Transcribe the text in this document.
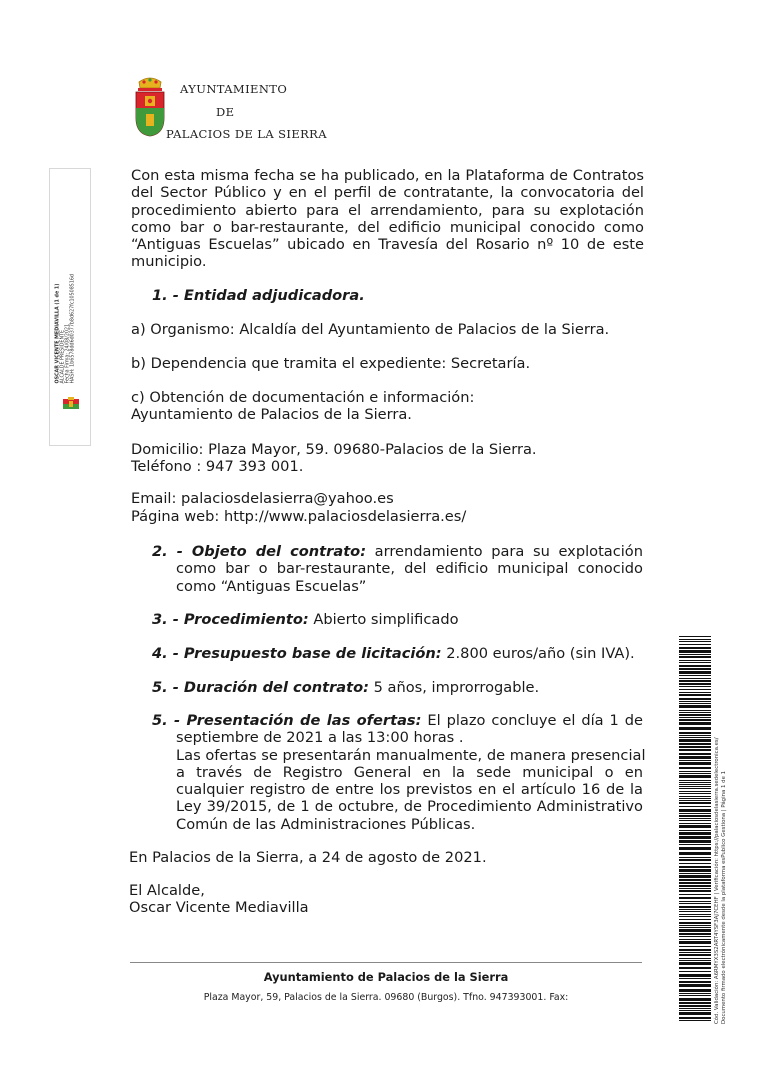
AYUNTAMIENTO
DE
PALACIOS DE LA SIERRA
OSCAR VICENTE MEDIAVILLA (1 de 1) ALCALDE PRESIDENTE Fecha Firma: 24/08/2021 HASH: 1b6578dd6d0377b8d627fc10508516d
Cód. Validación: A6RMYX3S2ART4YSF3AJ7CEHF | Verificación: https://palaciosdelasierra.sedelectronica.es/ Documento firmado electrónicamente desde la plataforma esPublico Gestiona | Página 1 de 1
Con esta misma fecha se ha publicado, en la Plataforma de Contratos
del Sector Público y en el perfil de contratante, la convocatoria del
procedimiento abierto para el arrendamiento, para su explotación
como bar o bar-restaurante, del edificio municipal conocido como
“Antiguas Escuelas” ubicado en Travesía del Rosario nº 10 de este
municipio.
1. - Entidad adjudicadora.
a) Organismo: Alcaldía del Ayuntamiento de Palacios de la Sierra.
b) Dependencia que tramita el expediente: Secretaría.
c) Obtención de documentación e información:
Ayuntamiento de Palacios de la Sierra.
Domicilio: Plaza Mayor, 59. 09680-Palacios de la Sierra.
Teléfono : 947 393 001.
Email: palaciosdelasierra@yahoo.es
Página web: http://www.palaciosdelasierra.es/
2. - Objeto del contrato: arrendamiento para su explotación
como bar o bar-restaurante, del edificio municipal conocido
como “Antiguas Escuelas”
3. - Procedimiento: Abierto simplificado
4. - Presupuesto base de licitación: 2.800 euros/año (sin IVA).
5. - Duración del contrato: 5 años, improrrogable.
5. - Presentación de las ofertas: El plazo concluye el día 1 de
septiembre de 2021 a las 13:00 horas .
Las ofertas se presentarán manualmente, de manera presencial
a través de Registro General en la sede municipal o en
cualquier registro de entre los previstos en el artículo 16 de la
Ley 39/2015, de 1 de octubre, de Procedimiento Administrativo
Común de las Administraciones Públicas.
En Palacios de la Sierra, a 24 de agosto de 2021.
El Alcalde,
Oscar Vicente Mediavilla
Ayuntamiento de Palacios de la Sierra
Plaza Mayor, 59, Palacios de la Sierra. 09680 (Burgos). Tfno. 947393001. Fax:
